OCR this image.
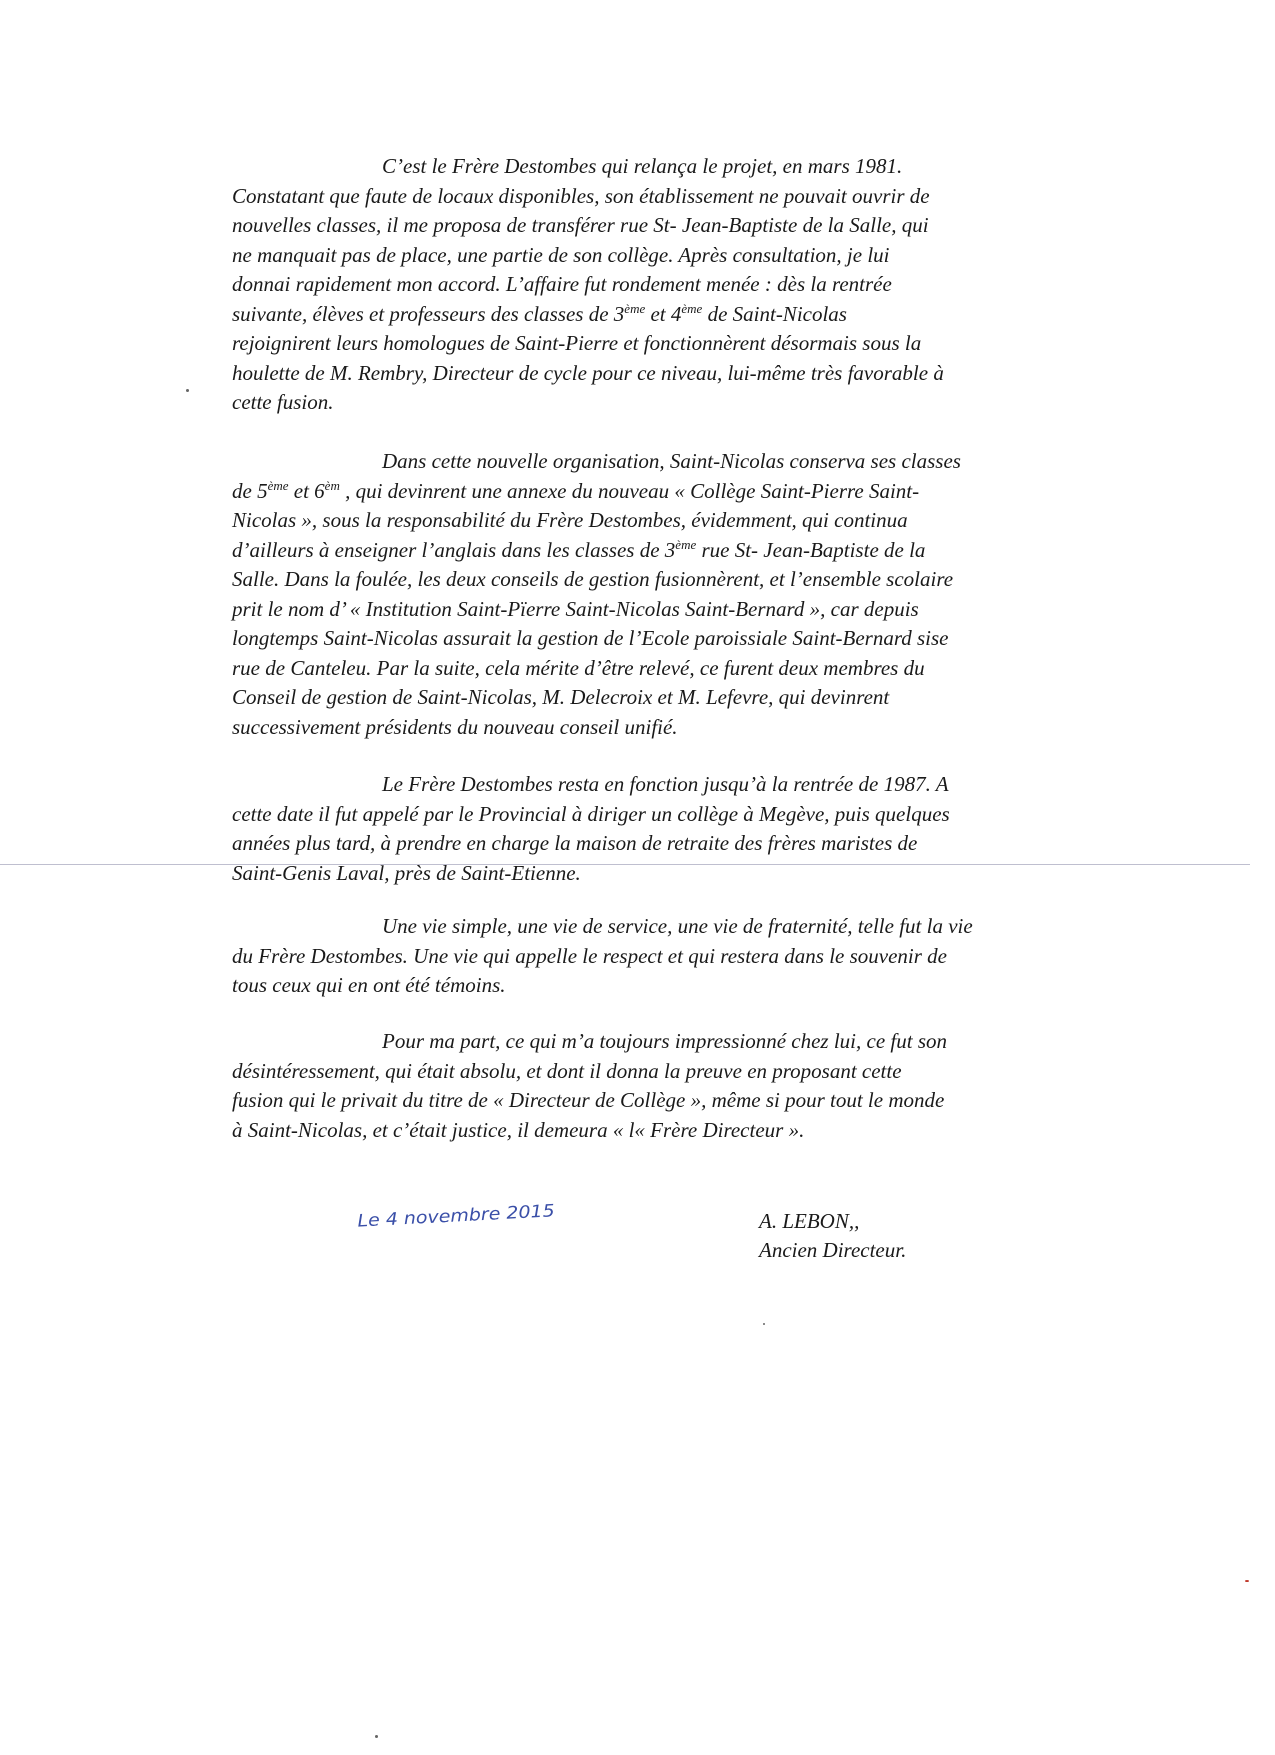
C’est le Frère Destombes qui relança le projet, en mars 1981.
Constatant que faute de locaux disponibles, son établissement ne pouvait ouvrir de
nouvelles classes, il me proposa de transférer rue St- Jean-Baptiste de la Salle, qui
ne manquait pas de place, une partie de son collège. Après consultation, je lui
donnai rapidement mon accord. L’affaire fut rondement menée : dès la rentrée
suivante, élèves et professeurs des classes de 3ème et 4ème de Saint-Nicolas
rejoignirent leurs homologues de Saint-Pierre et fonctionnèrent désormais sous la
houlette de M. Rembry, Directeur de cycle pour ce niveau, lui-même très favorable à
cette fusion.
Dans cette nouvelle organisation, Saint-Nicolas conserva ses classes
de 5ème et $6^{èm}$ , qui devinrent une annexe du nouveau « Collège Saint-Pierre Saint-
Nicolas », sous la responsabilité du Frère Destombes, évidemment, qui continua
d’ailleurs à enseigner l’anglais dans les classes de 3ème rue St- Jean-Baptiste de la
Salle. Dans la foulée, les deux conseils de gestion fusionnèrent, et l’ensemble scolaire
prit le nom d’ « Institution Saint-Pïerre Saint-Nicolas Saint-Bernard », car depuis
longtemps Saint-Nicolas assurait la gestion de l’Ecole paroissiale Saint-Bernard sise
rue de Canteleu. Par la suite, cela mérite d’être relevé, ce furent deux membres du
Conseil de gestion de Saint-Nicolas, M. Delecroix et M. Lefevre, qui devinrent
successivement présidents du nouveau conseil unifié.
Le Frère Destombes resta en fonction jusqu’à la rentrée de 1987. A
cette date il fut appelé par le Provincial à diriger un collège à Megève, puis quelques
années plus tard, à prendre en charge la maison de retraite des frères maristes de
Saint-Genis Laval, près de Saint-Etienne.
Une vie simple, une vie de service, une vie de fraternité, telle fut la vie
du Frère Destombes. Une vie qui appelle le respect et qui restera dans le souvenir de
tous ceux qui en ont été témoins.
Pour ma part, ce qui m’a toujours impressionné chez lui, ce fut son
désintéressement, qui était absolu, et dont il donna la preuve en proposant cette
fusion qui le privait du titre de « Directeur de Collège », même si pour tout le monde
à Saint-Nicolas, et c’était justice, il demeura « l« Frère Directeur ».
Le 4 novembre 2015	A. LEBON,,
Ancien Directeur.
